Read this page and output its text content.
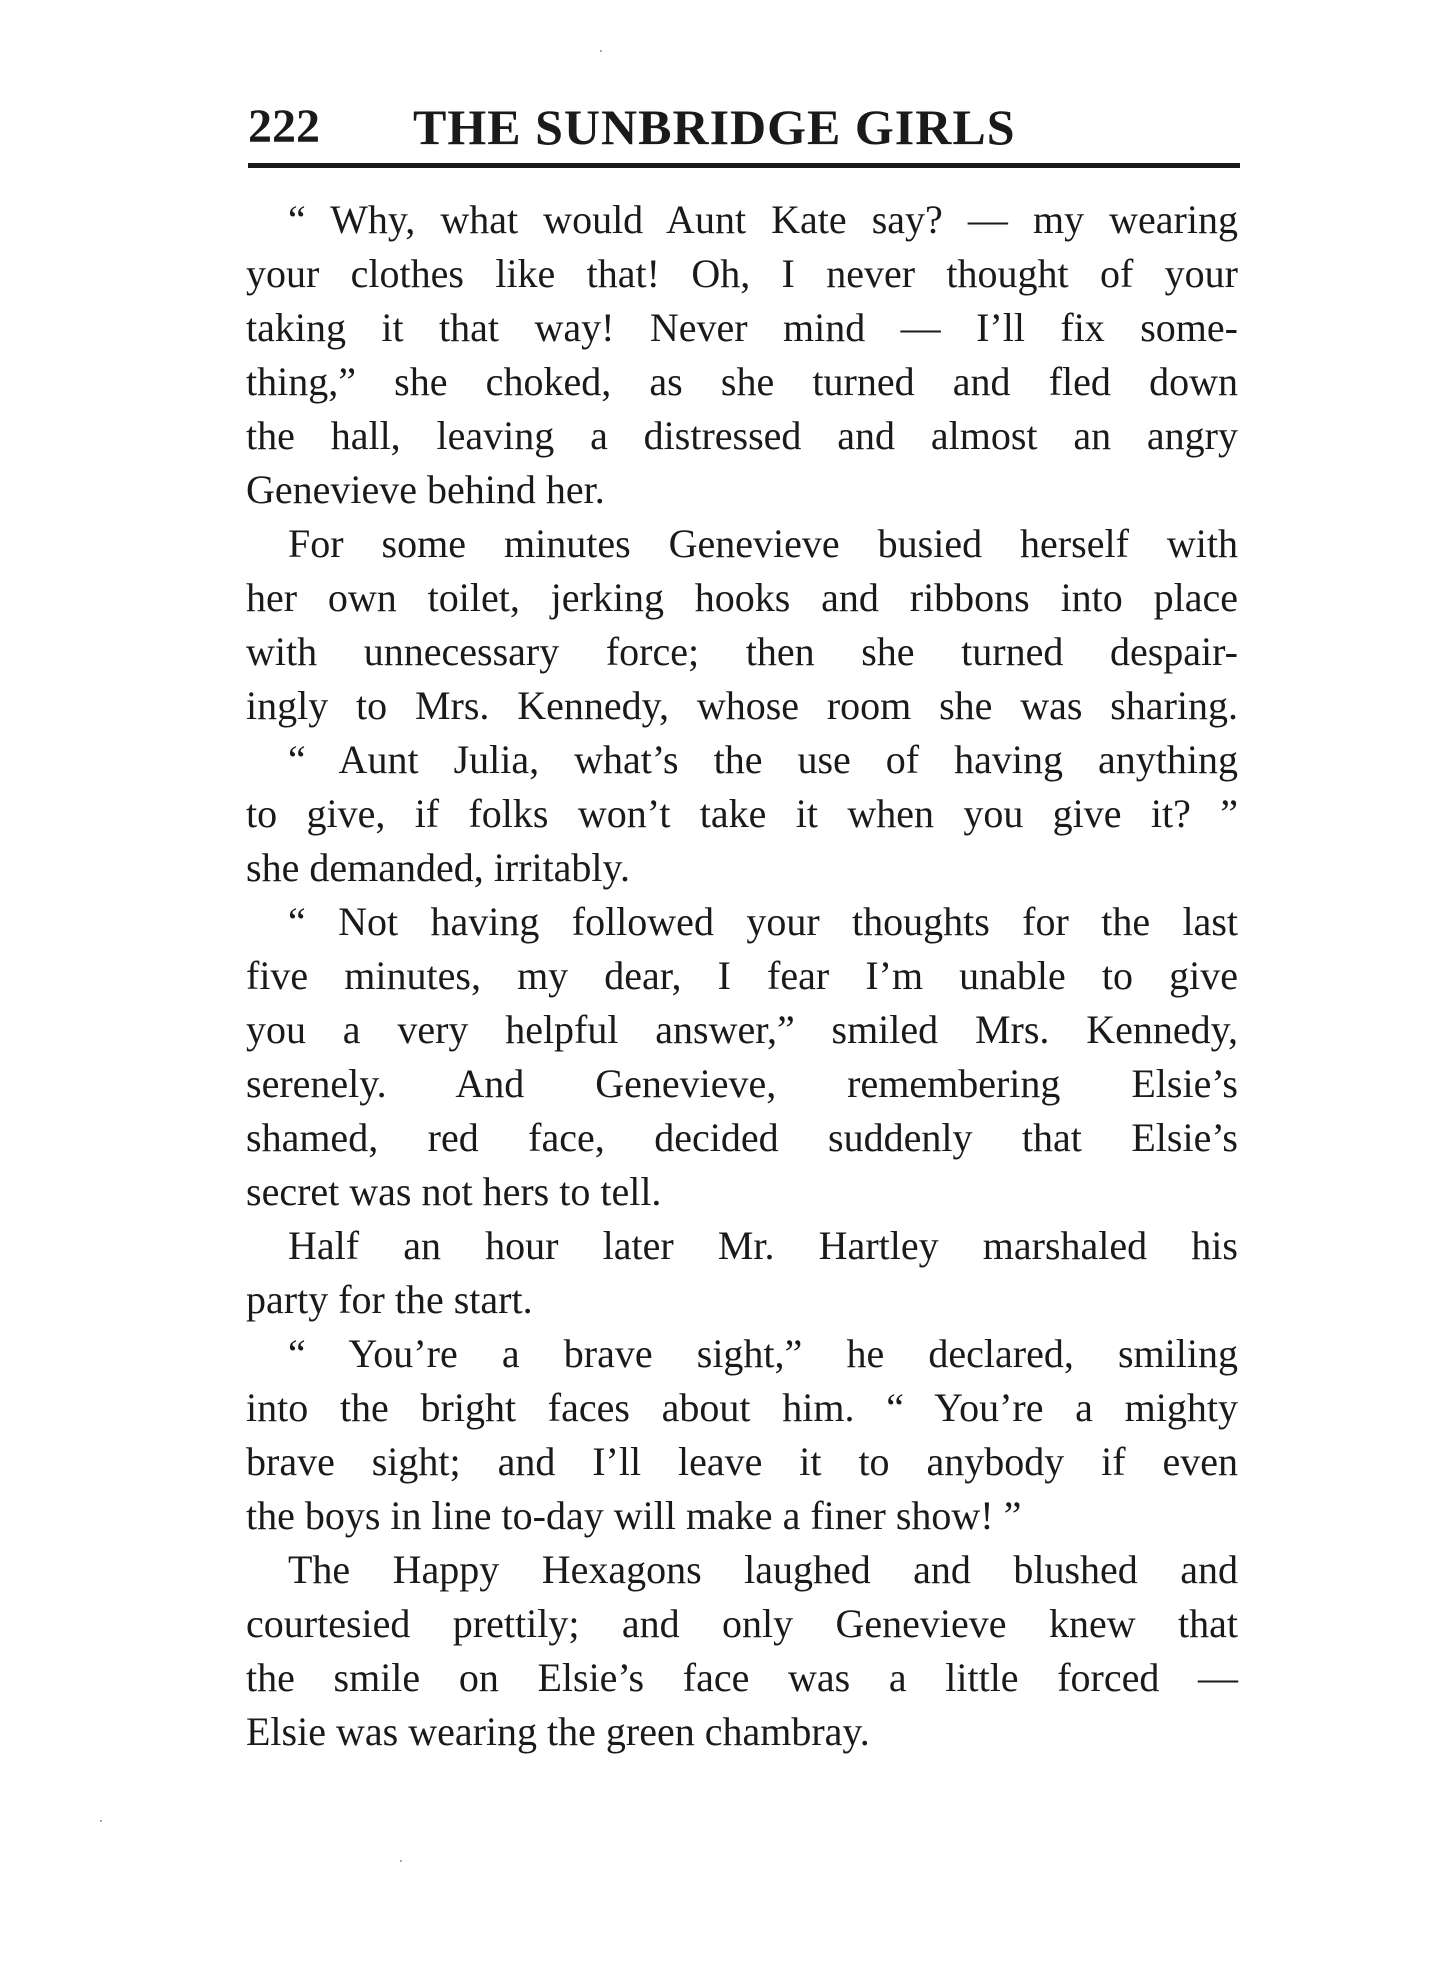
222 THE SUNBRIDGE GIRLS
“ Why, what would Aunt Kate say? — my wearing
your clothes like that! Oh, I never thought of your
taking it that way! Never mind — I’ll fix some-
thing,” she choked, as she turned and fled down
the hall, leaving a distressed and almost an angry
Genevieve behind her.
For some minutes Genevieve busied herself with
her own toilet, jerking hooks and ribbons into place
with unnecessary force; then she turned despair-
ingly to Mrs. Kennedy, whose room she was sharing.
“ Aunt Julia, what’s the use of having anything
to give, if folks won’t take it when you give it? ”
she demanded, irritably.
“ Not having followed your thoughts for the last
five minutes, my dear, I fear I’m unable to give
you a very helpful answer,” smiled Mrs. Kennedy,
serenely. And Genevieve, remembering Elsie’s
shamed, red face, decided suddenly that Elsie’s
secret was not hers to tell.
Half an hour later Mr. Hartley marshaled his
party for the start.
“ You’re a brave sight,” he declared, smiling
into the bright faces about him. “ You’re a mighty
brave sight; and I’ll leave it to anybody if even
the boys in line to-day will make a finer show! ”
The Happy Hexagons laughed and blushed and
courtesied prettily; and only Genevieve knew that
the smile on Elsie’s face was a little forced —
Elsie was wearing the green chambray.
